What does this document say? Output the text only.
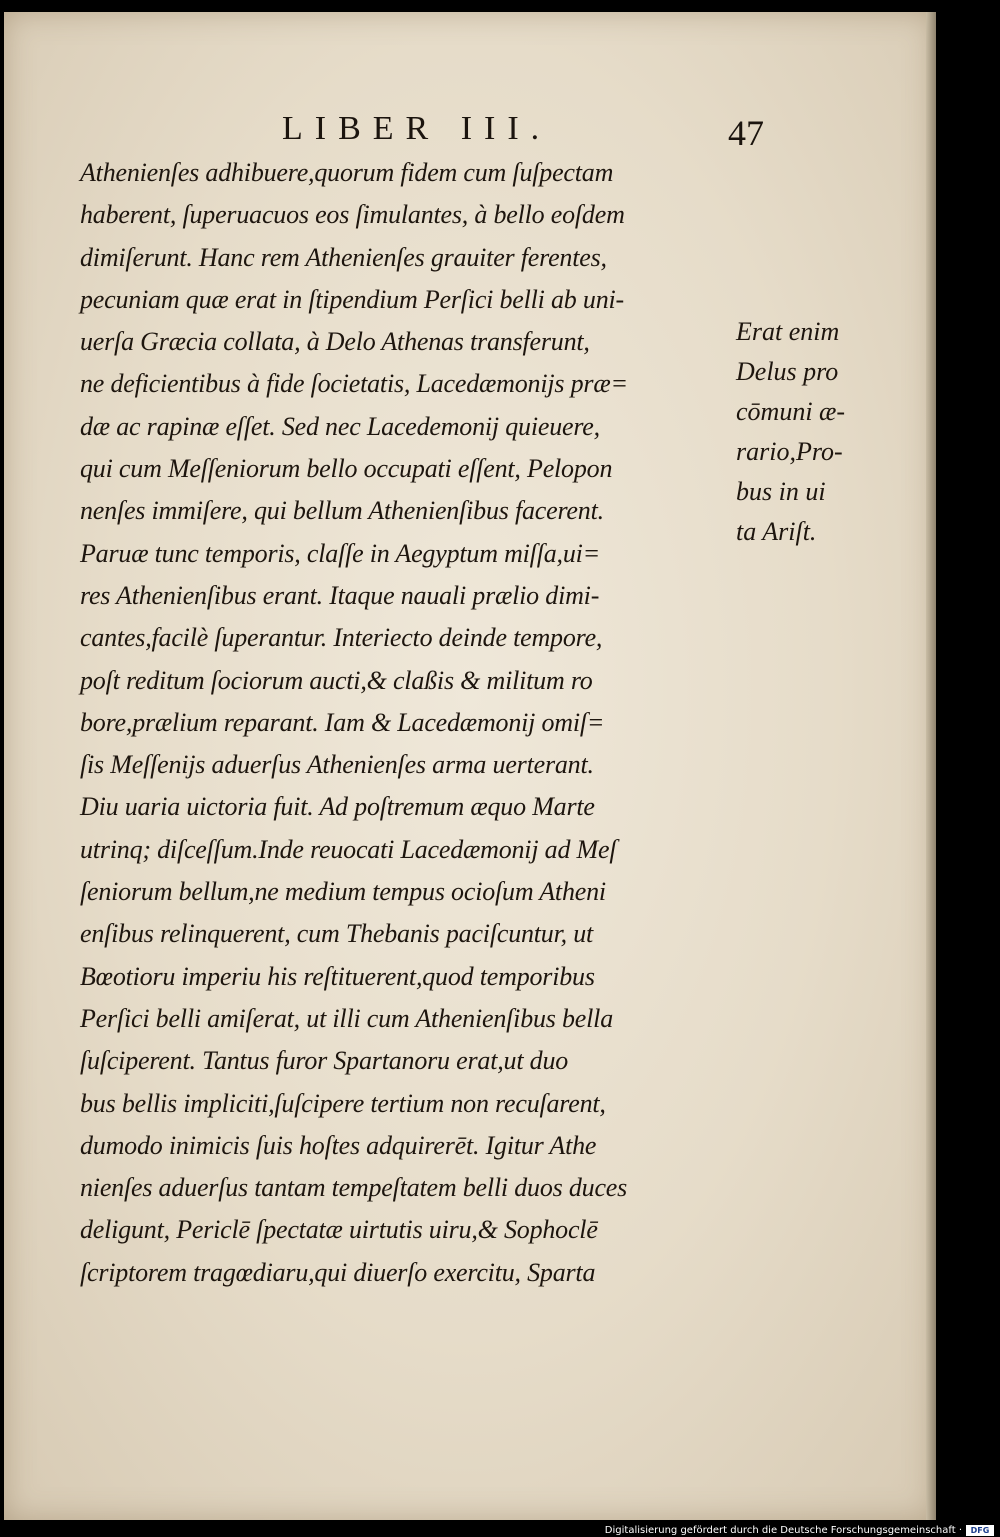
LIBER III.	47
Athenienſes adhibuere,quorum fidem cum ſuſpectam
haberent, ſuperuacuos eos ſimulantes, à bello eoſdem
dimiſerunt. Hanc rem Athenienſes grauiter ferentes,
pecuniam quæ erat in ſtipendium Perſici belli ab uni-
uerſa Græcia collata, à Delo Athenas transferunt,
ne deficientibus à fide ſocietatis, Lacedæmonijs præ=
dæ ac rapinæ eſſet. Sed nec Lacedemonij quieuere,
qui cum Meſſeniorum bello occupati eſſent, Pelopon
nenſes immiſere, qui bellum Athenienſibus facerent.
Paruæ tunc temporis, claſſe in Aegyptum miſſa,ui=
res Athenienſibus erant. Itaque nauali prælio dimi-
cantes,facilè ſuperantur. Interiecto deinde tempore,
poſt reditum ſociorum aucti,& claßis & militum ro
bore,prælium reparant. Iam & Lacedæmonij omiſ=
ſis Meſſenijs aduerſus Athenienſes arma uerterant.
Diu uaria uictoria fuit. Ad poſtremum æquo Marte
utrinq; diſceſſum.Inde reuocati Lacedæmonij ad Meſ
ſeniorum bellum,ne medium tempus ocioſum Atheni
enſibus relinquerent, cum Thebanis paciſcuntur, ut
Bœotioru imperiu his reſtituerent,quod temporibus
Perſici belli amiſerat, ut illi cum Athenienſibus bella
ſuſciperent. Tantus furor Spartanoru erat,ut duo
bus bellis impliciti,ſuſcipere tertium non recuſarent,
dumodo inimicis ſuis hoſtes adquirerēt. Igitur Athe
nienſes aduerſus tantam tempeſtatem belli duos duces
deligunt, Periclē ſpectatæ uirtutis uiru,& Sophoclē
ſcriptorem tragœdiaru,qui diuerſo exercitu, Sparta
Erat enim
Delus pro
cōmuni æ-
rario,Pro-
bus in ui
ta Ariſt.
Digitalisierung gefördert durch die Deutsche Forschungsgemeinschaft ·	DFG
